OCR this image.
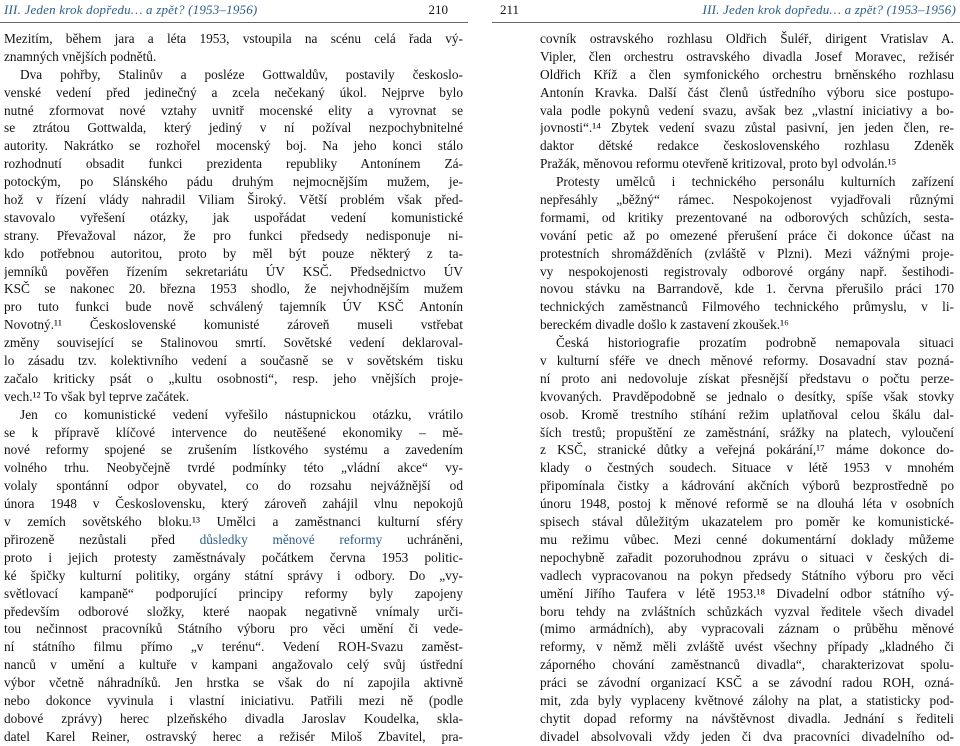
III. Jeden krok dopředu… a zpět? (1953–1956)	210
Mezitím, během jara a léta 1953, vstoupila na scénu celá řada vý-
znamných vnějších podnětů.
Dva pohřby, Stalinův a posléze Gottwaldův, postavily českoslo-
venské vedení před jedinečný a zcela nečekaný úkol. Nejprve bylo
nutné zformovat nové vztahy uvnitř mocenské elity a vyrovnat se
se ztrátou Gottwalda, který jediný v ní požíval nezpochybnitelné
autority. Nakrátko se rozhořel mocenský boj. Na jeho konci stálo
rozhodnutí obsadit funkci prezidenta republiky Antonínem Zá-
potockým, po Slánského pádu druhým nejmocnějším mužem, je-
hož v řízení vlády nahradil Viliam Široký. Větší problém však před-
stavovalo vyřešení otázky, jak uspořádat vedení komunistické
strany. Převažoval názor, že pro funkci předsedy nedisponuje ni-
kdo potřebnou autoritou, proto by měl být pouze některý z ta-
jemníků pověřen řízením sekretariátu ÚV KSČ. Předsednictvo ÚV
KSČ se nakonec 20. března 1953 shodlo, že nejvhodnějším mužem
pro tuto funkci bude nově schválený tajemník ÚV KSČ Antonín
Novotný.¹¹ Československé komunisté zároveň museli vstřebat
změny související se Stalinovou smrtí. Sovětské vedení deklaroval-
lo zásadu tzv. kolektivního vedení a současně se v sovětském tisku
začalo kriticky psát o „kultu osobnosti“, resp. jeho vnějších proje-
vech.¹² To však byl teprve začátek.
Jen co komunistické vedení vyřešilo nástupnickou otázku, vrátilo
se k přípravě klíčové intervence do neutěšené ekonomiky – mě-
nové reformy spojené se zrušením lístkového systému a zavedením
volného trhu. Neobyčejně tvrdé podmínky této „vládní akce“ vy-
volaly spontánní odpor obyvatel, co do rozsahu nejvážnější od
února 1948 v Československu, který zároveň zahájil vlnu nepokojů
v zemích sovětského bloku.¹³ Umělci a zaměstnanci kulturní sféry
přirozeně nezůstali před důsledky měnové reformy uchráněni,
proto i jejich protesty zaměstnávaly počátkem června 1953 politic-
ké špičky kulturní politiky, orgány státní správy i odbory. Do „vy-
světlovací kampaně“ podporující principy reformy byly zapojeny
především odborové složky, které naopak negativně vnímaly urči-
tou nečinnost pracovníků Státního výboru pro věci umění či vede-
ní státního filmu přímo „v terénu“. Vedení ROH-Svazu zaměst-
nanců v umění a kultuře v kampani angažovalo celý svůj ústřední
výbor včetně náhradníků. Jen hrstka se však do ní zapojila aktivně
nebo dokonce vyvinula i vlastní iniciativu. Patřili mezi ně (podle
dobové zprávy) herec plzeňského divadla Jaroslav Koudelka, skla-
datel Karel Reiner, ostravský herec a režisér Miloš Zbavitel, pra-
211	III. Jeden krok dopředu… a zpět? (1953–1956)
covník ostravského rozhlasu Oldřich Šuléř, dirigent Vratislav A.
Vipler, člen orchestru ostravského divadla Josef Moravec, režisér
Oldřich Kříž a člen symfonického orchestru brněnského rozhlasu
Antonín Kravka. Další část členů ústředního výboru sice postupo-
vala podle pokynů vedení svazu, avšak bez „vlastní iniciativy a bo-
jovnosti“.¹⁴ Zbytek vedení svazu zůstal pasivní, jen jeden člen, re-
daktor dětské redakce československého rozhlasu Zdeněk
Pražák, měnovou reformu otevřeně kritizoval, proto byl odvolán.¹⁵
Protesty umělců i technického personálu kulturních zařízení
nepřesáhly „běžný“ rámec. Nespokojenost vyjadřovali různými
formami, od kritiky prezentované na odborových schůzích, sesta-
vování petic až po omezené přerušení práce či dokonce účast na
protestních shromážděních (zvláště v Plzni). Mezi vážnými proje-
vy nespokojenosti registrovaly odborové orgány např. šestihodi-
novou stávku na Barrandově, kde 1. června přerušilo práci 170
technických zaměstnanců Filmového technického průmyslu, v li-
bereckém divadle došlo k zastavení zkoušek.¹⁶
Česká historiografie prozatím podrobně nemapovala situaci
v kulturní sféře ve dnech měnové reformy. Dosavadní stav pozná-
ní proto ani nedovoluje získat přesnější představu o počtu perze-
kvovaných. Pravděpodobně se jednalo o desítky, spíše však stovky
osob. Kromě trestního stíhání režim uplatňoval celou škálu dal-
ších trestů; propuštění ze zaměstnání, srážky na platech, vyloučení
z KSČ, stranické důtky a veřejná pokárání,¹⁷ máme dokonce do-
klady o čestných soudech. Situace v létě 1953 v mnohém
připomínala čistky a kádrování akčních výborů bezprostředně po
únoru 1948, postoj k měnové reformě se na dlouhá léta v osobních
spisech stával důležitým ukazatelem pro poměr ke komunistické-
mu režimu vůbec. Mezi cenné dokumentární doklady můžeme
nepochybně zařadit pozoruhodnou zprávu o situaci v českých di-
vadlech vypracovanou na pokyn předsedy Státního výboru pro věci
umění Jiřího Taufera v létě 1953.¹⁸ Divadelní odbor státního vý-
boru tehdy na zvláštních schůzkách vyzval ředitele všech divadel
(mimo armádních), aby vypracovali záznam o průběhu měnové
reformy, v němž měli zvláště uvést všechny případy „kladného či
záporného chování zaměstnanců divadla“, charakterizovat spolu-
práci se závodní organizací KSČ a se závodní radou ROH, ozná-
mit, zda byly vyplaceny květnové zálohy na plat, a statisticky pod-
chytit dopad reformy na návštěvnost divadla. Jednání s řediteli
divadel absolvovali vždy jeden či dva pracovníci divadelního od-
